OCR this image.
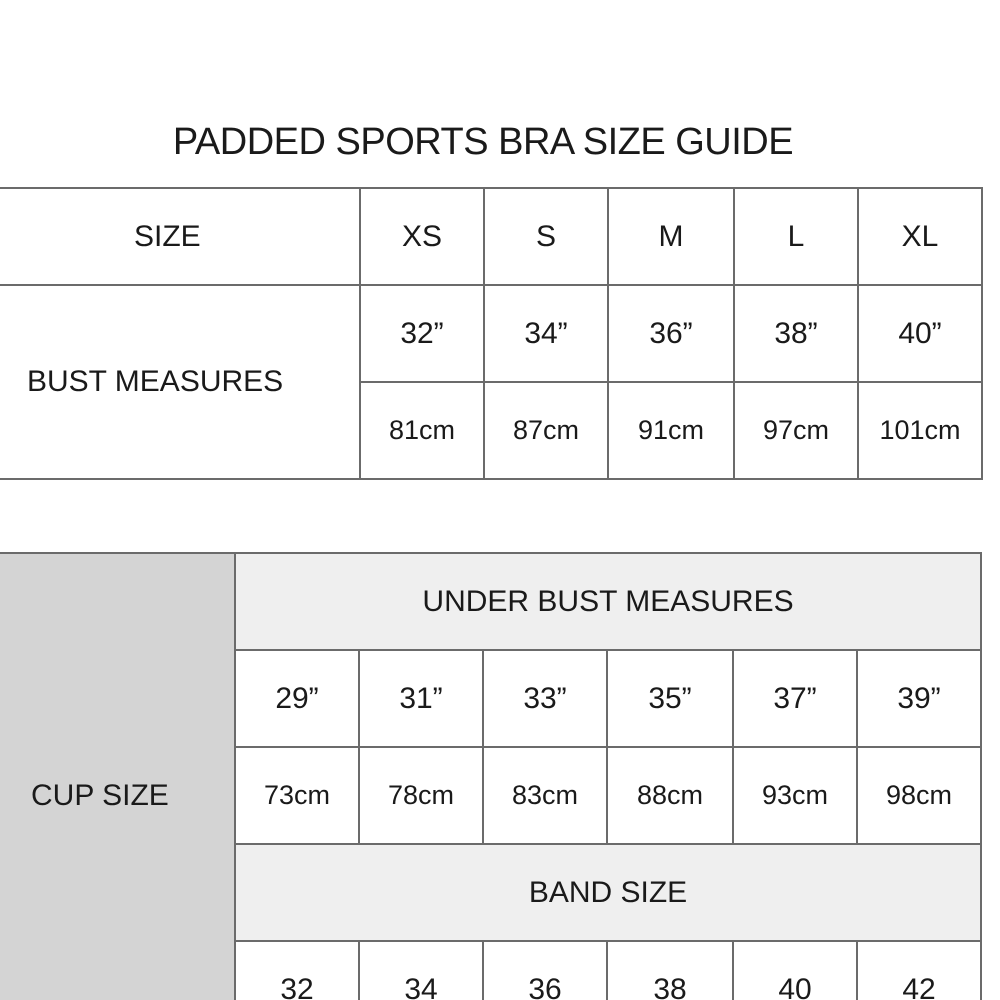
PADDED SPORTS BRA SIZE GUIDE
SIZE	XS	S	M	L	XL
BUST MEASURES	32”	34”	36”	38”	40”
	81cm	87cm	91cm	97cm	101cm
CUP SIZE	UNDER BUST MEASURES					
	29”	31”	33”	35”	37”	39”
	73cm	78cm	83cm	88cm	93cm	98cm
	BAND SIZE					
	32	34	36	38	40	42
